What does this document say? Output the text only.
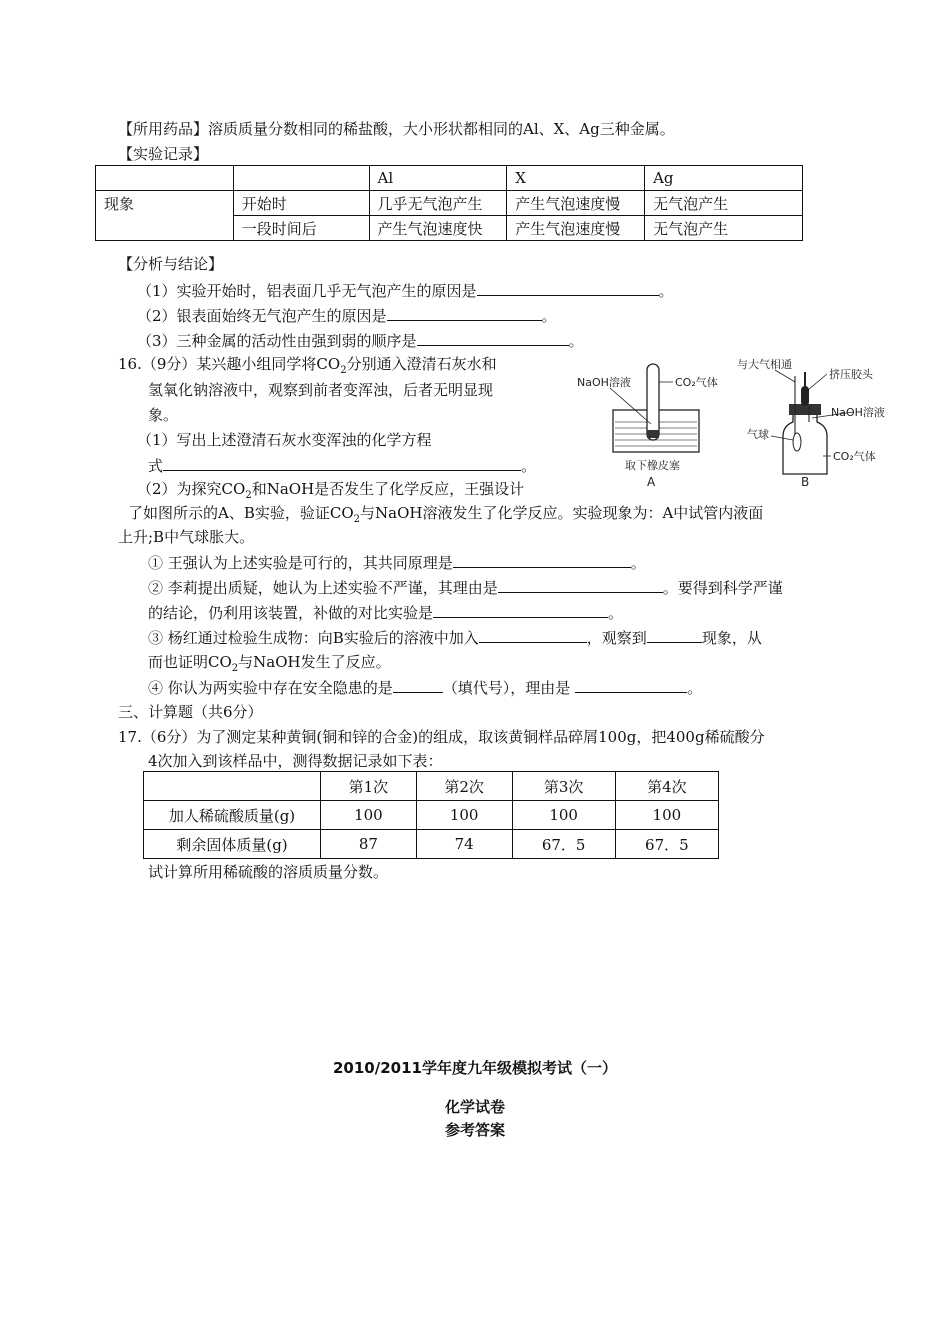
【所用药品】溶质质量分数相同的稀盐酸，大小形状都相同的Al、X、Ag三种金属。
【实验记录】
		Al	X	Ag
现象	开始时	几乎无气泡产生	产生气泡速度慢	无气泡产生
	一段时间后	产生气泡速度快	产生气泡速度慢	无气泡产生
【分析与结论】
（1）实验开始时，铝表面几乎无气泡产生的原因是	。
（2）银表面始终无气泡产生的原因是	。
（3）三种金属的活动性由强到弱的顺序是	。
16.（9分）某兴趣小组同学将$CO_2$分别通入澄清石灰水和
氢氧化钠溶液中，观察到前者变浑浊，后者无明显现
象。
（1）写出上述澄清石灰水变浑浊的化学方程
式	。
（2）为探究$CO_2$和NaOH是否发生了化学反应，王强设计
了如图所示的A、B实验，验证$CO_2$与NaOH溶液发生了化学反应。实验现象为：A中试管内液面
上升;B中气球胀大。
① 王强认为上述实验是可行的，其共同原理是	。
② 李莉提出质疑，她认为上述实验不严谨，其理由是	。要得到科学严谨
的结论，仍利用该装置，补做的对比实验是	。
③ 杨红通过检验生成物：向B实验后的溶液中加入	，观察到	现象，从
而也证明$CO_2$与NaOH发生了反应。
④ 你认为两实验中存在安全隐患的是	（填代号），理由是	。
NaOH溶液	CO₂气体
取下橡皮塞
A
与大气相通
挤压胶头
NaOH溶液
气球
CO₂气体
B
三、计算题（共6分）
17.（6分）为了测定某种黄铜(铜和锌的合金)的组成，取该黄铜样品碎屑100g，把400g稀硫酸分
4次加入到该样品中，测得数据记录如下表：
	第1次	第2次	第3次	第4次
加人稀硫酸质量(g)	100	100	100	100
剩余固体质量(g)	87	74	67．5	67．5
试计算所用稀硫酸的溶质质量分数。
2010/2011学年度九年级模拟考试（一）
化学试卷
参考答案
